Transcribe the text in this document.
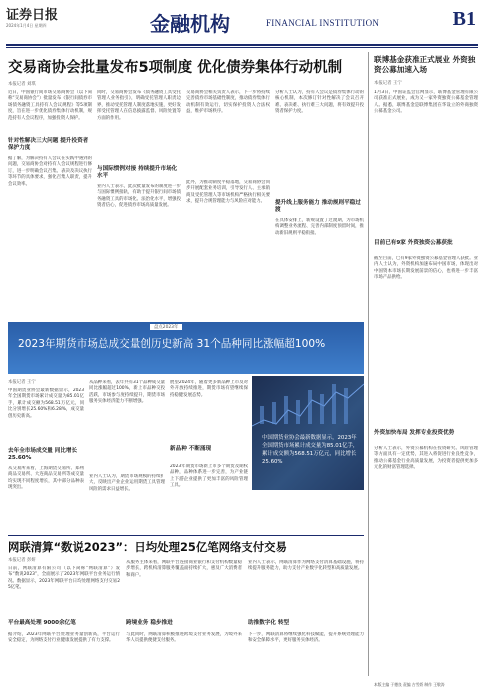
证券日报
2024年1月4日 星期四	金融机构	FINANCIAL INSTITUTION	B1
交易商协会批量发布5项制度 优化债券集体行动机制
本报记者 刘琪
近日，中国银行间市场交易商协会（以下简称“交易商协会”）批量发布《银行间债券市场债务融资工具持有人会议规程》等5项制度，旨在进一步优化债券集体行动机制，规范持有人会议程序，加强投资人保护。
针对性解决三大问题 提升投资者保护力度
据了解，为解决持有人会议在实践中遇到的问题，交易商协会对持有人会议规程进行修订，进一步明确会议召集、表决及决议执行等环节的具体要求，强化召集人职责，提升会议效率。
同时，交易商协会发布《债务融资工具受托管理人业务指引》，明确受托管理人职责边界，推动受托管理人制度落地实施，更好发挥受托管理人在信息披露监督、风险处置等方面的作用。
与国际惯例对接 持续提升市场化水平
业内人士表示，此次批量发布的制度进一步与国际惯例接轨，有助于提升银行间市场债务融资工具的市场化、法治化水平，增强投资者信心，促进债券市场高质量发展。
交易商协会相关负责人表示，下一步将持续完善债券市场基础性制度，推动债券集体行动机制有效运行，切实保护投资人合法权益，维护市场秩序。
此外，为推动制度平稳落地，交易商协会同步开展配套业务培训，引导发行人、主承销商及受托管理人等市场机构严格执行相关要求，提升合规管理能力与风险应对能力。
分析人士认为，持有人会议是债券集体行动的核心机制，本次修订针对性解决了会议召开难、表决难、执行难三大问题，将有效提升投资者保护力度。
提升线上服务能力 推动规则平稳过渡
在具体安排上，新规设置了过渡期，为市场机构调整业务流程、完善内部制度预留时间，推动新旧规则平稳衔接。
2023年期货市场总成交量创历史新高 31个品种同比涨幅超100%
盘点2023年
本报记者 王宁
中国期货业协会最新数据显示，2023年全国期货市场累计成交量为85.01亿手，累计成交额为568.51万亿元，同比分别增长25.60%和6.28%，成交量创历史新高。
去年全市场成交量 同比增长25.60%
从交易所来看，上海期货交易所、郑州商品交易所、大连商品交易所等成交量均实现不同程度增长，其中部分品种表现突出。
从品种来看，去年共有31个品种成交量同比涨幅超过100%，新上市品种交投活跃，市场参与度持续提升，期货市场服务实体经济能力不断增强。
业内人士认为，期货市场规模的持续扩大，反映出产业企业运用期货工具管理风险的需求日益增长。
展望2024年，随着更多新品种上市及对外开放持续推进，期货市场有望继续保持稳健发展态势。
新品种 不断涌现
2023年期货市场新上市多个期货及期权品种，品种体系进一步完善，为产业链上下游企业提供了更加丰富的风险管理工具。
中国期货业协会最新数据显示，2023年全国期货市场累计成交量为85.01亿手，累计成交额为568.51万亿元，同比增长25.60%
网联清算“数说2023”：日均处理25亿笔网络支付交易
本报记者 彭妍
日前，网联清算有限公司（以下简称“网联清算”）发布“数说2023”，全面展示了2023年网联平台业务运行情况。数据显示，2023年网联平台日均处理网络支付交易25亿笔。
平台最高处理 9000余亿笔
据介绍，2023年网联平台处理业务量创新高，平台运行安全稳定，为网络支付行业健康发展提供了有力支撑。
从服务主体来看，网联平台连接商业银行和支付机构数量稳步增长，跨机构清算服务覆盖面持续扩大，惠及广大消费者和商户。
跨境业务 稳步推进
与此同时，网联清算积极推进跨境支付业务发展，为境外来华人员提供便捷支付服务。
业内人士表示，网联清算作为网络支付清算基础设施，将持续提升服务能力，助力支付产业数字化转型和高质量发展。
助推数字化 转型
下一步，网联清算将继续强化科技赋能，提升系统处理能力和安全保障水平，更好服务实体经济。
联博基金获准正式展业 外资独资公募加速入场
本报记者 王宁
1月3日，中国证监会官网显示，联博基金管理有限公司获准正式展业，成为又一家外资独资公募基金管理人。据悉，联博基金是联博集团在华设立的外商独资公募基金公司。
目前已有9家 外资独资公募获批
截至目前，已有9家外资独资公募基金管理人获批。业内人士认为，外资机构加速布局中国市场，体现出对中国资本市场长期发展前景的信心，也将进一步丰富市场产品供给。
外资加快布局 发挥专业投资优势
分析人士表示，外资公募机构在投资研究、风险管理等方面具有一定优势，其进入将促进行业良性竞争，推动公募基金行业高质量发展，为投资者提供更加多元化的财富管理选择。
本版主编 于德良 责编 吉雪娇 制作 王敬涛
